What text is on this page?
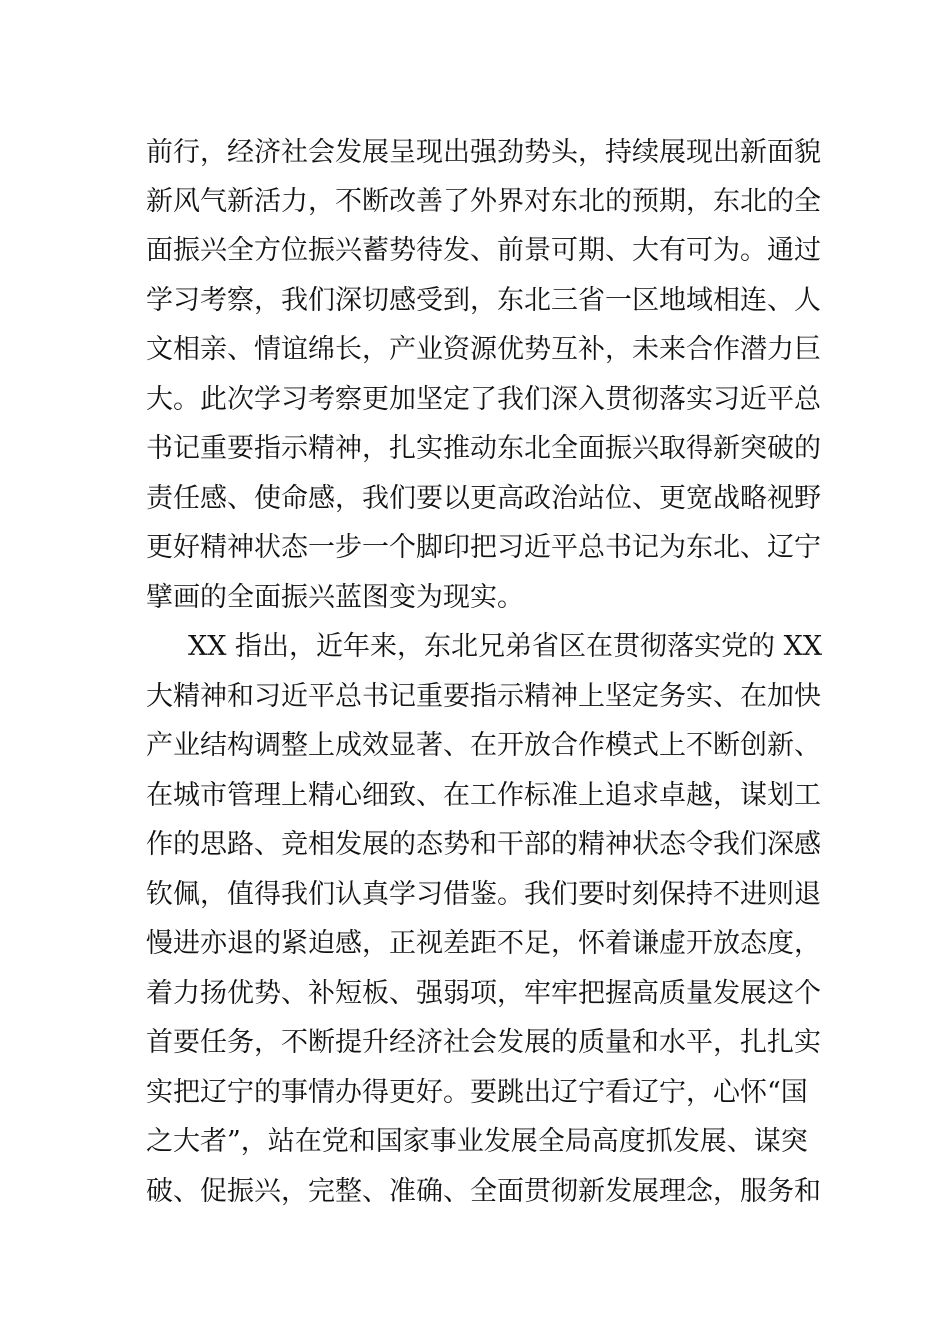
前行，经济社会发展呈现出强劲势头，持续展现出新面貌
新风气新活力，不断改善了外界对东北的预期，东北的全
面振兴全方位振兴蓄势待发、前景可期、大有可为。通过
学习考察，我们深切感受到，东北三省一区地域相连、人
文相亲、情谊绵长，产业资源优势互补，未来合作潜力巨
大。此次学习考察更加坚定了我们深入贯彻落实习近平总
书记重要指示精神，扎实推动东北全面振兴取得新突破的
责任感、使命感，我们要以更高政治站位、更宽战略视野
更好精神状态一步一个脚印把习近平总书记为东北、辽宁
擘画的全面振兴蓝图变为现实。
XX 指出，近年来，东北兄弟省区在贯彻落实党的 XX
大精神和习近平总书记重要指示精神上坚定务实、在加快
产业结构调整上成效显著、在开放合作模式上不断创新、
在城市管理上精心细致、在工作标准上追求卓越，谋划工
作的思路、竞相发展的态势和干部的精神状态令我们深感
钦佩，值得我们认真学习借鉴。我们要时刻保持不进则退
慢进亦退的紧迫感，正视差距不足，怀着谦虚开放态度，
着力扬优势、补短板、强弱项，牢牢把握高质量发展这个
首要任务，不断提升经济社会发展的质量和水平，扎扎实
实把辽宁的事情办得更好。要跳出辽宁看辽宁，心怀“国
之大者”，站在党和国家事业发展全局高度抓发展、谋突
破、促振兴，完整、准确、全面贯彻新发展理念，服务和
